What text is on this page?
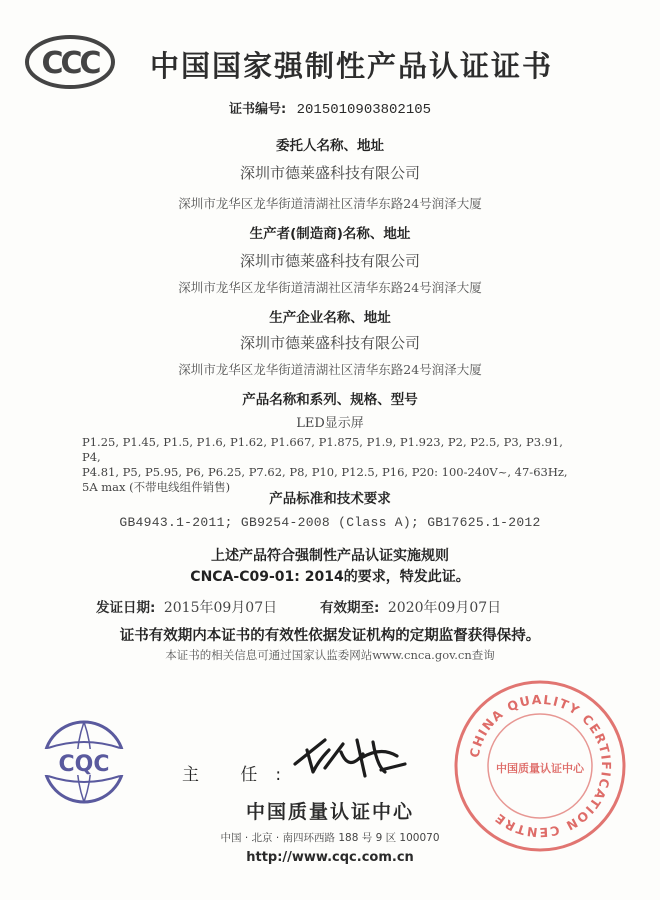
CCC 中国国家强制性产品认证证书
证书编号: 2015010903802105
委托人名称、地址
深圳市德莱盛科技有限公司
深圳市龙华区龙华街道清湖社区清华东路24号润泽大厦
生产者(制造商)名称、地址
深圳市德莱盛科技有限公司
深圳市龙华区龙华街道清湖社区清华东路24号润泽大厦
生产企业名称、地址
深圳市德莱盛科技有限公司
深圳市龙华区龙华街道清湖社区清华东路24号润泽大厦
产品名称和系列、规格、型号
LED显示屏
P1.25, P1.45, P1.5, P1.6, P1.62, P1.667, P1.875, P1.9, P1.923, P2, P2.5, P3, P3.91, P4,
P4.81, P5, P5.95, P6, P6.25, P7.62, P8, P10, P12.5, P16, P20: 100-240V~, 47-63Hz,
5A max (不带电线组件销售)
产品标准和技术要求
GB4943.1-2011; GB9254-2008 (Class A); GB17625.1-2012
上述产品符合强制性产品认证实施规则
CNCA-C09-01: 2014的要求，特发此证。
发证日期: 2015年09月07日	有效期至: 2020年09月07日
证书有效期内本证书的有效性依据发证机构的定期监督获得保持。
本证书的相关信息可通过国家认监委网站www.cnca.gov.cn查询
CQC	主 任:
CHINA QUALITY CERTIFICATION CENTRE
中国质量认证中心
中国质量认证中心
中国 · 北京 · 南四环西路 188 号 9 区 100070
http://www.cqc.com.cn
